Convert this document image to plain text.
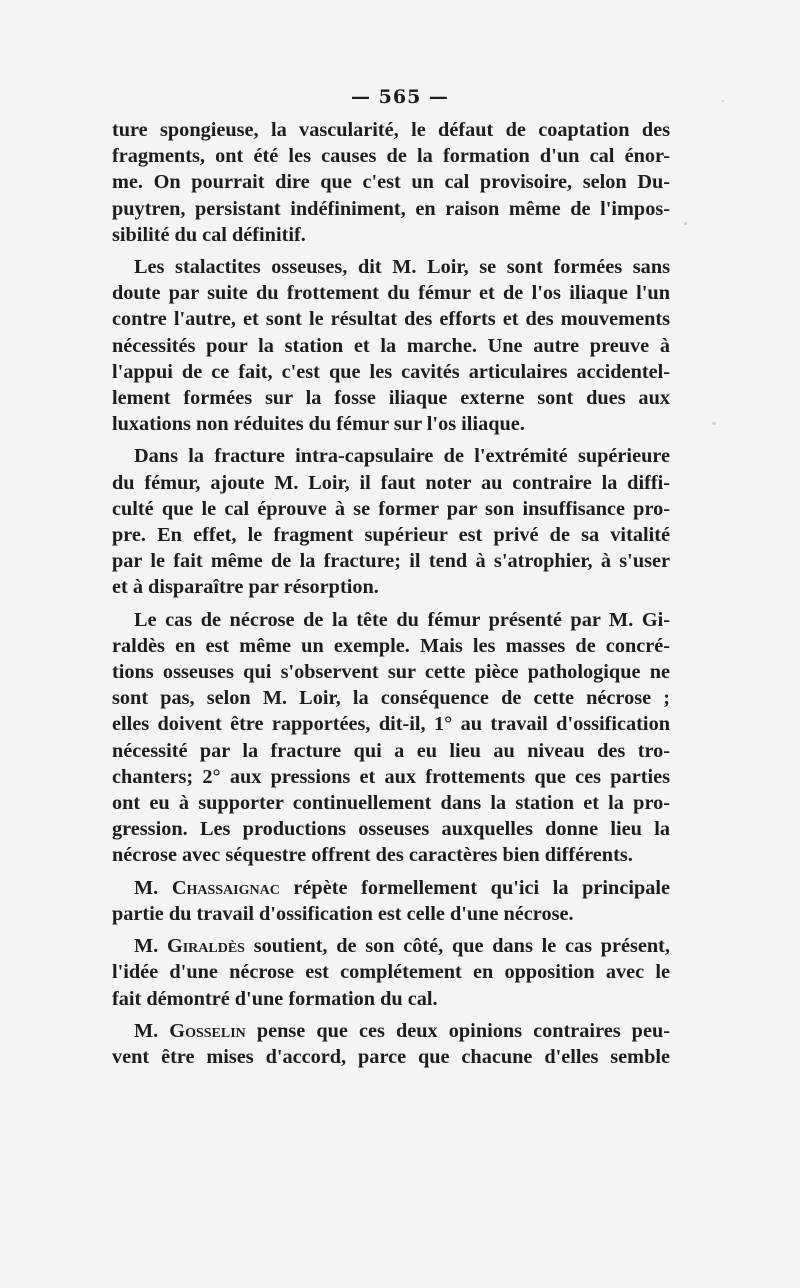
— 565 —
ture spongieuse, la vascularité, le défaut de coaptation des
fragments, ont été les causes de la formation d'un cal énor-
me. On pourrait dire que c'est un cal provisoire, selon Du-
puytren, persistant indéfiniment, en raison même de l'impos-
sibilité du cal définitif.
Les stalactites osseuses, dit M. Loir, se sont formées sans
doute par suite du frottement du fémur et de l'os iliaque l'un
contre l'autre, et sont le résultat des efforts et des mouvements
nécessités pour la station et la marche. Une autre preuve à
l'appui de ce fait, c'est que les cavités articulaires accidentel-
lement formées sur la fosse iliaque externe sont dues aux
luxations non réduites du fémur sur l'os iliaque.
Dans la fracture intra-capsulaire de l'extrémité supérieure
du fémur, ajoute M. Loir, il faut noter au contraire la diffi-
culté que le cal éprouve à se former par son insuffisance pro-
pre. En effet, le fragment supérieur est privé de sa vitalité
par le fait même de la fracture; il tend à s'atrophier, à s'user
et à disparaître par résorption.
Le cas de nécrose de la tête du fémur présenté par M. Gi-
raldès en est même un exemple. Mais les masses de concré-
tions osseuses qui s'observent sur cette pièce pathologique ne
sont pas, selon M. Loir, la conséquence de cette nécrose ;
elles doivent être rapportées, dit-il, 1° au travail d'ossification
nécessité par la fracture qui a eu lieu au niveau des tro-
chanters; 2° aux pressions et aux frottements que ces parties
ont eu à supporter continuellement dans la station et la pro-
gression. Les productions osseuses auxquelles donne lieu la
nécrose avec séquestre offrent des caractères bien différents.
M. Chassaignac répète formellement qu'ici la principale
partie du travail d'ossification est celle d'une nécrose.
M. Giraldès soutient, de son côté, que dans le cas présent,
l'idée d'une nécrose est complétement en opposition avec le
fait démontré d'une formation du cal.
M. Gosselin pense que ces deux opinions contraires peu-
vent être mises d'accord, parce que chacune d'elles semble
